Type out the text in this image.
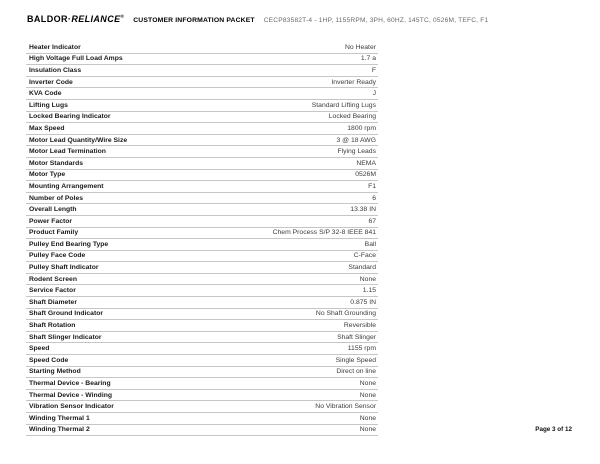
BALDOR·RELIANCE®
CUSTOMER INFORMATION PACKET CECP83582T-4 - 1HP, 1155RPM, 3PH, 60HZ, 145TC, 0526M, TEFC, F1
Heater Indicator	No Heater
High Voltage Full Load Amps	1.7 a
Insulation Class	F
Inverter Code	Inverter Ready
KVA Code	J
Lifting Lugs	Standard Lifting Lugs
Locked Bearing Indicator	Locked Bearing
Max Speed	1800 rpm
Motor Lead Quantity/Wire Size	3 @ 18 AWG
Motor Lead Termination	Flying Leads
Motor Standards	NEMA
Motor Type	0526M
Mounting Arrangement	F1
Number of Poles	6
Overall Length	13.38 IN
Power Factor	67
Product Family	Chem Process S/P 32-8 IEEE 841
Pulley End Bearing Type	Ball
Pulley Face Code	C-Face
Pulley Shaft Indicator	Standard
Rodent Screen	None
Service Factor	1.15
Shaft Diameter	0.875 IN
Shaft Ground Indicator	No Shaft Grounding
Shaft Rotation	Reversible
Shaft Slinger Indicator	Shaft Slinger
Speed	1155 rpm
Speed Code	Single Speed
Starting Method	Direct on line
Thermal Device - Bearing	None
Thermal Device - Winding	None
Vibration Sensor Indicator	No Vibration Sensor
Winding Thermal 1	None
Winding Thermal 2	None	Page 3 of 12
